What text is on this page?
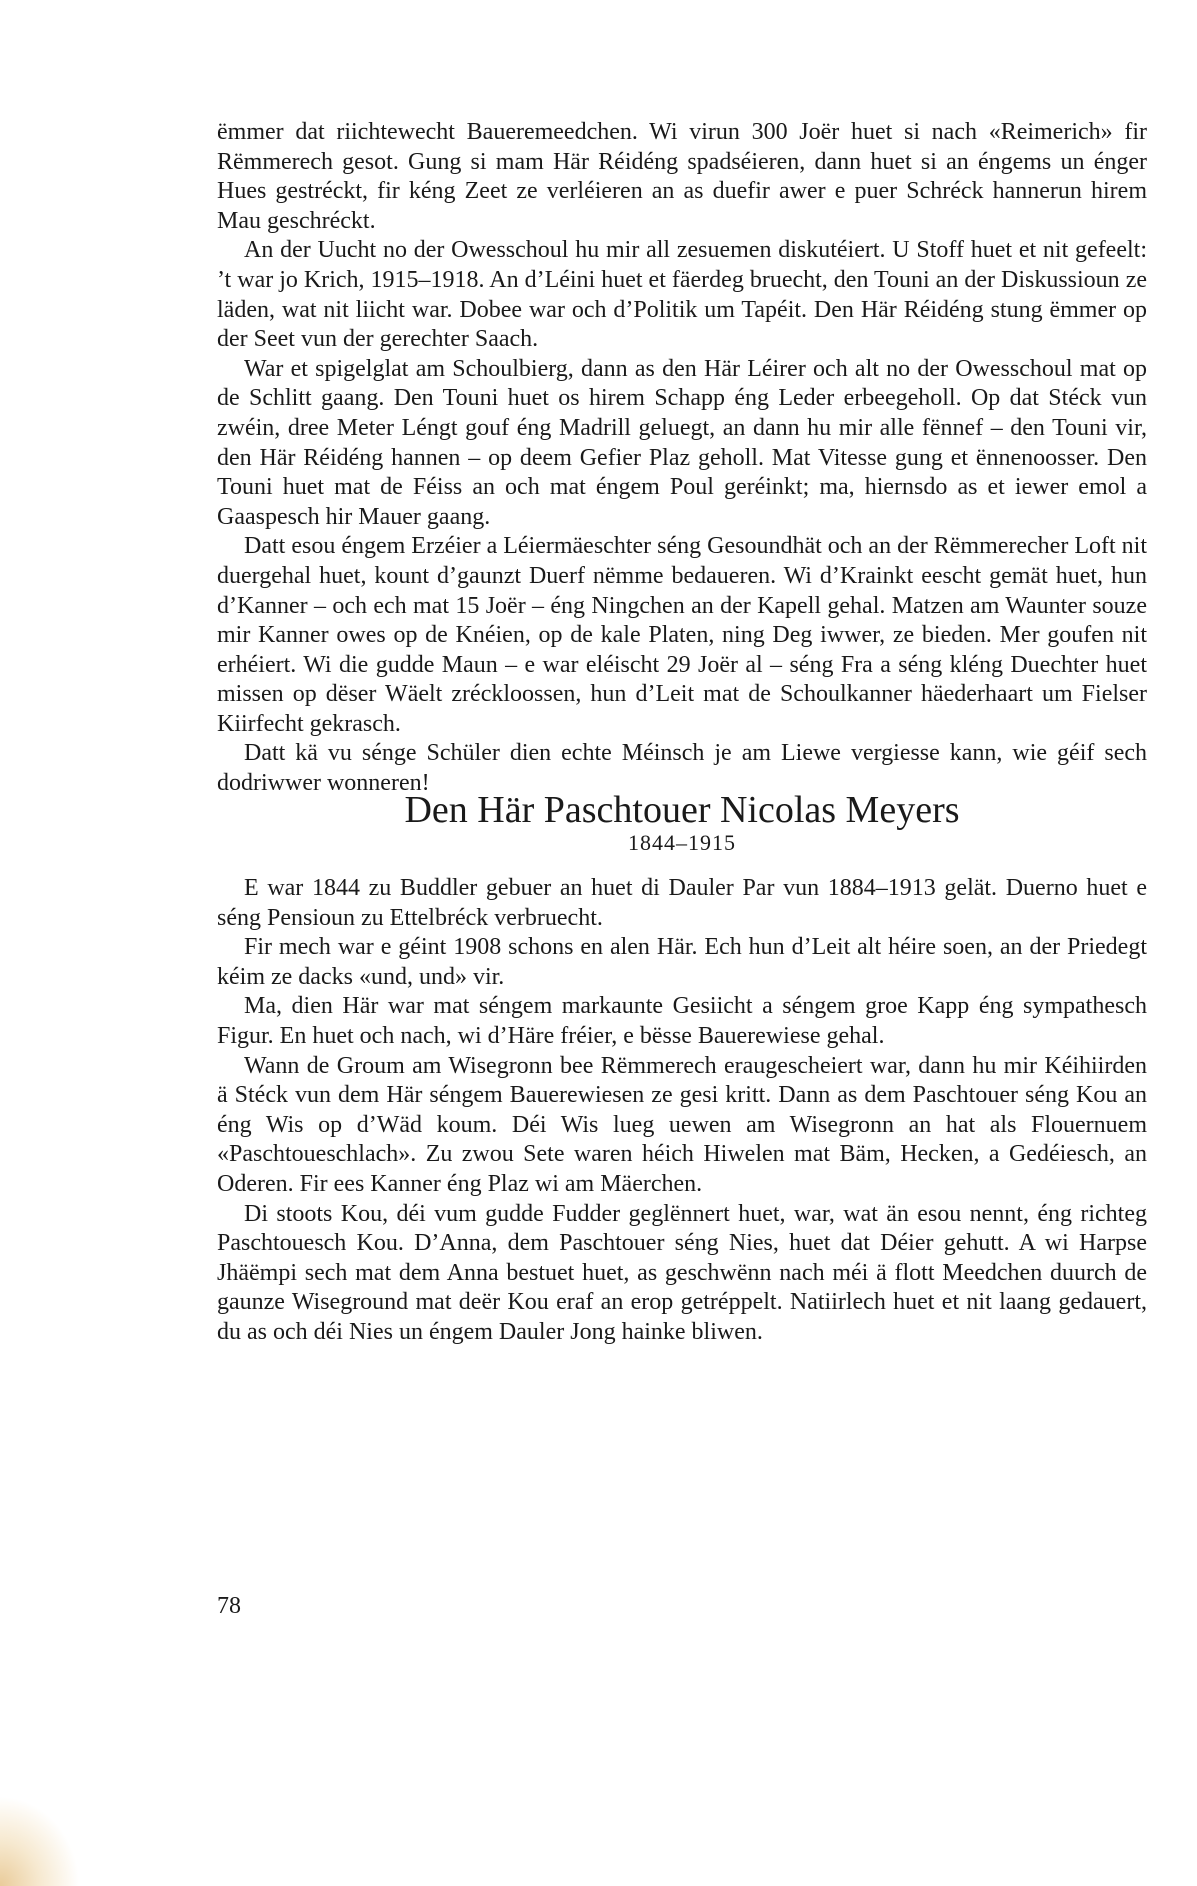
ëmmer dat riichtewecht Baueremeedchen. Wi virun 300 Joër huet si nach «Reimerich» fir Rëmmerech gesot. Gung si mam Här Réidéng spadséieren, dann huet si an éngems un énger Hues gestréckt, fir kéng Zeet ze verléieren an as duefir awer e puer Schréck hannerun hirem Mau geschréckt.

An der Uucht no der Owesschoul hu mir all zesuemen diskutéiert. U Stoff huet et nit gefeelt: ’t war jo Krich, 1915–1918. An d’Léini huet et fäerdeg bruecht, den Touni an der Diskussioun ze läden, wat nit liicht war. Dobee war och d’Politik um Tapéit. Den Här Réidéng stung ëmmer op der Seet vun der gerechter Saach.

War et spigelglat am Schoulbierg, dann as den Här Léirer och alt no der Owesschoul mat op de Schlitt gaang. Den Touni huet os hirem Schapp éng Leder erbeegeholl. Op dat Stéck vun zwéin, dree Meter Léngt gouf éng Madrill geluegt, an dann hu mir alle fënnef – den Touni vir, den Här Réidéng hannen – op deem Gefier Plaz geholl. Mat Vitesse gung et ënnenoosser. Den Touni huet mat de Féiss an och mat éngem Poul geréinkt; ma, hiernsdo as et iewer emol a Gaaspesch hir Mauer gaang.

Datt esou éngem Erzéier a Léiermäeschter séng Gesoundhät och an der Rëmmerecher Loft nit duergehal huet, kount d’gaunzt Duerf nëmme bedaueren. Wi d’Krainkt eescht gemät huet, hun d’Kanner – och ech mat 15 Joër – éng Ningchen an der Kapell gehal. Matzen am Waunter souze mir Kanner owes op de Knéien, op de kale Platen, ning Deg iwwer, ze bieden. Mer goufen nit erhéiert. Wi die gudde Maun – e war eléischt 29 Joër al – séng Fra a séng kléng Duechter huet missen op dëser Wäelt zréckloossen, hun d’Leit mat de Schoulkanner häederhaart um Fielser Kiirfecht gekrasch.

Datt kä vu sénge Schüler dien echte Méinsch je am Liewe vergiesse kann, wie géif sech dodriwwer wonneren!

Den Här Paschtouer Nicolas Meyers
1844–1915

E war 1844 zu Buddler gebuer an huet di Dauler Par vun 1884–1913 gelät. Duerno huet e séng Pensioun zu Ettelbréck verbruecht.

Fir mech war e géint 1908 schons en alen Här. Ech hun d’Leit alt héire soen, an der Priedegt kéim ze dacks «und, und» vir.

Ma, dien Här war mat séngem markaunte Gesiicht a séngem groe Kapp éng sympathesch Figur. En huet och nach, wi d’Häre fréier, e bësse Bauerewiese gehal.

Wann de Groum am Wisegronn bee Rëmmerech eraugescheiert war, dann hu mir Kéihiirden ä Stéck vun dem Här séngem Bauerewiesen ze gesi kritt. Dann as dem Paschtouer séng Kou an éng Wis op d’Wäd koum. Déi Wis lueg uewen am Wisegronn an hat als Flouernuem «Paschtoueschlach». Zu zwou Sete waren héich Hiwelen mat Bäm, Hecken, a Gedéiesch, an Oderen. Fir ees Kanner éng Plaz wi am Mäerchen.

Di stoots Kou, déi vum gudde Fudder geglënnert huet, war, wat än esou nennt, éng richteg Paschtouesch Kou. D’Anna, dem Paschtouer séng Nies, huet dat Déier gehutt. A wi Harpse Jhäëmpi sech mat dem Anna bestuet huet, as geschwënn nach méi ä flott Meedchen duurch de gaunze Wiseground mat deër Kou eraf an erop getréppelt. Natiirlech huet et nit laang gedauert, du as och déi Nies un éngem Dauler Jong hainke bliwen.

78
